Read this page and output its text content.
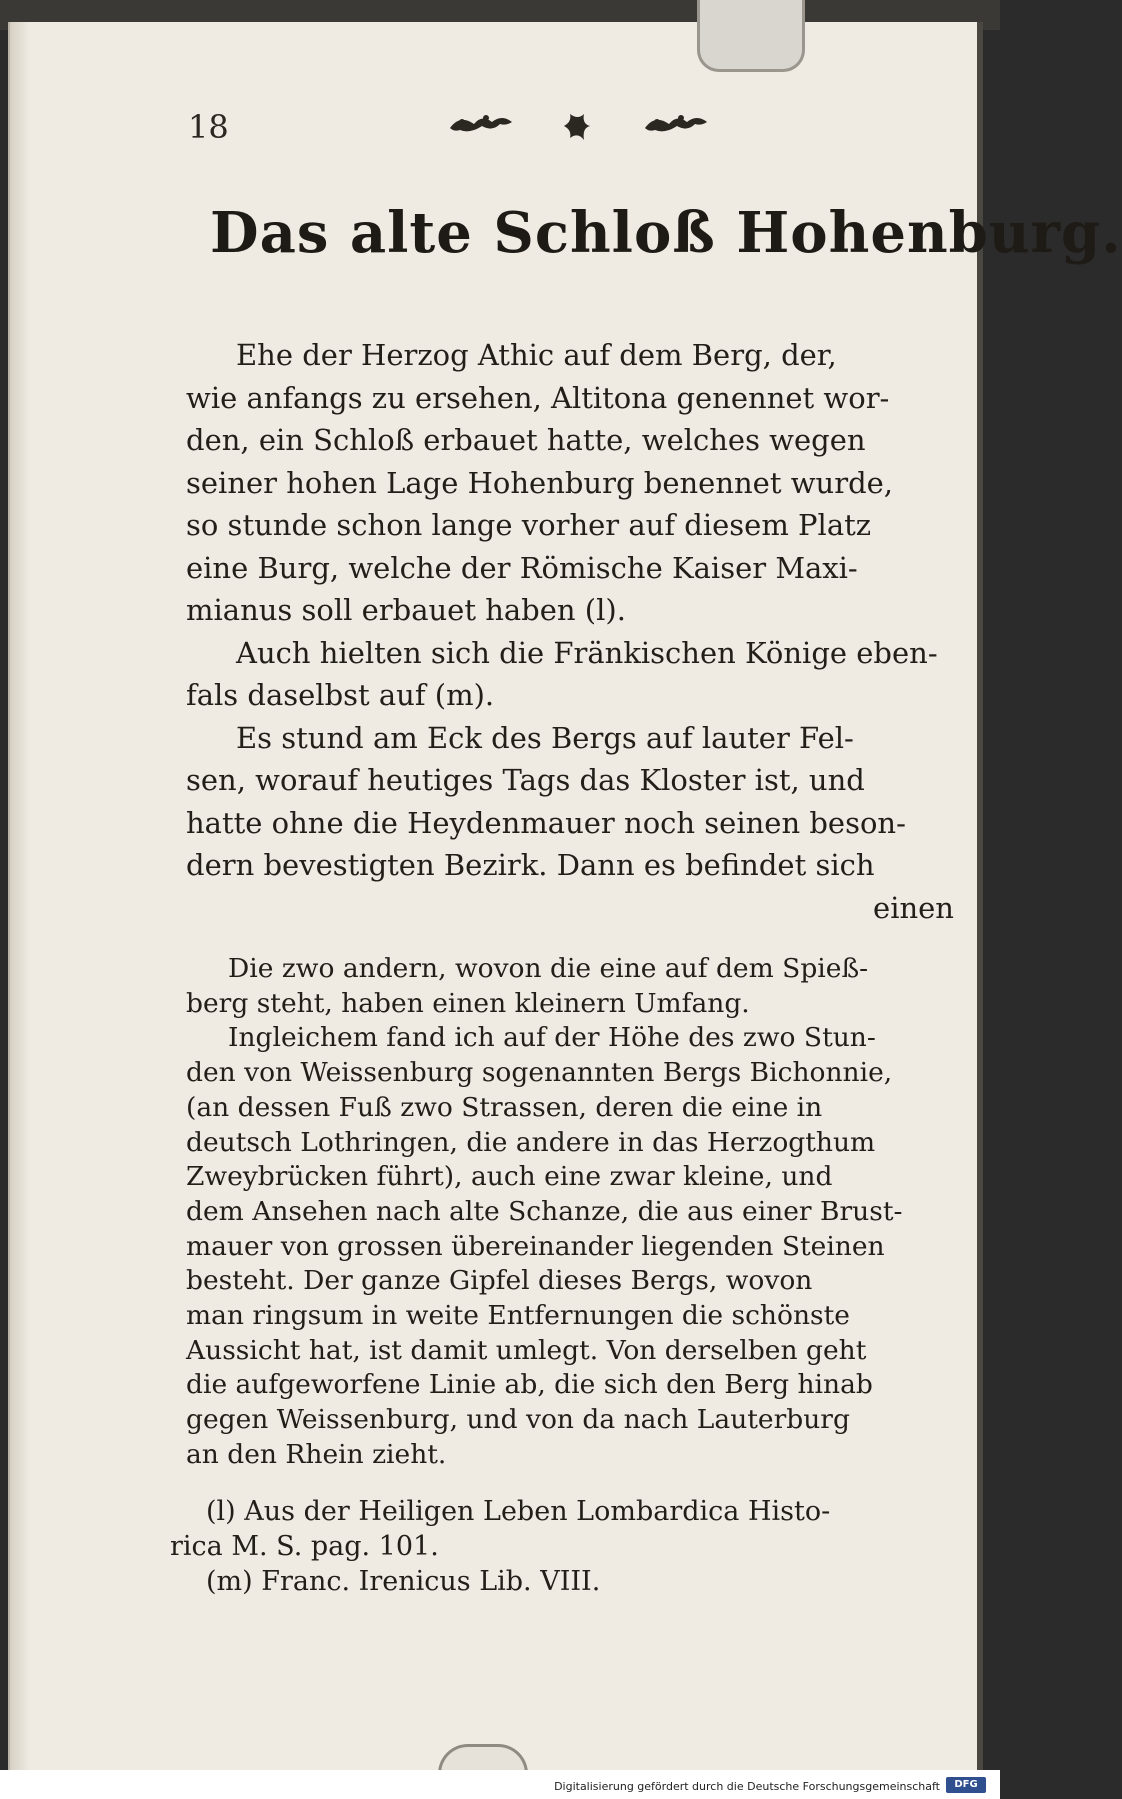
18
Das alte Schloß Hohenburg.
Ehe der Herzog Athic auf dem Berg, der,
wie anfangs zu ersehen, Altitona genennet wor-
den, ein Schloß erbauet hatte, welches wegen
seiner hohen Lage Hohenburg benennet wurde,
so stunde schon lange vorher auf diesem Platz
eine Burg, welche der Römische Kaiser Maxi-
mianus soll erbauet haben (l).
Auch hielten sich die Fränkischen Könige eben-
fals daselbst auf (m).
Es stund am Eck des Bergs auf lauter Fel-
sen, worauf heutiges Tags das Kloster ist, und
hatte ohne die Heydenmauer noch seinen beson-
dern bevestigten Bezirk. Dann es befindet sich
einen
Die zwo andern, wovon die eine auf dem Spieß-
berg steht, haben einen kleinern Umfang.
Ingleichem fand ich auf der Höhe des zwo Stun-
den von Weissenburg sogenannten Bergs Bichonnie,
(an dessen Fuß zwo Strassen, deren die eine in
deutsch Lothringen, die andere in das Herzogthum
Zweybrücken führt), auch eine zwar kleine, und
dem Ansehen nach alte Schanze, die aus einer Brust-
mauer von grossen übereinander liegenden Steinen
besteht. Der ganze Gipfel dieses Bergs, wovon
man ringsum in weite Entfernungen die schönste
Aussicht hat, ist damit umlegt. Von derselben geht
die aufgeworfene Linie ab, die sich den Berg hinab
gegen Weissenburg, und von da nach Lauterburg
an den Rhein zieht.
(l) Aus der Heiligen Leben Lombardica Histo-
rica M. S. pag. 101.
(m) Franc. Irenicus Lib. VIII.
Digitalisierung gefördert durch die Deutsche Forschungsgemeinschaft	DFG
